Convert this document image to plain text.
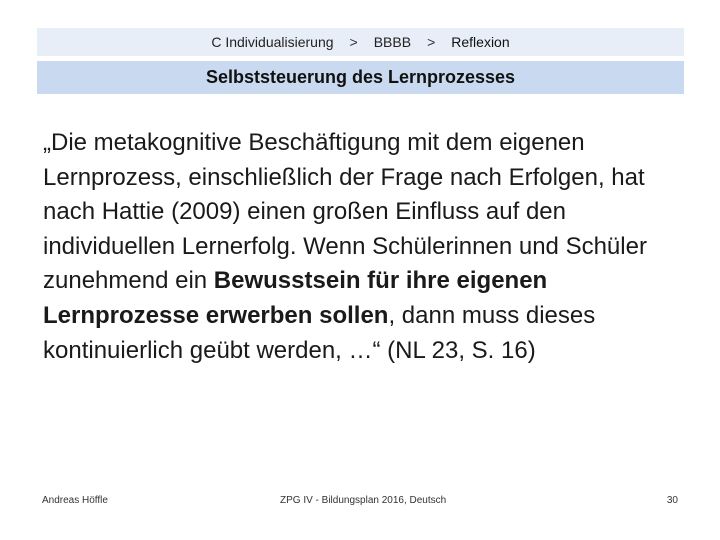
C Individualisierung > BBBB > Reflexion
Selbststeuerung des Lernprozesses
„Die metakognitive Beschäftigung mit dem eigenen Lernprozess, einschließlich der Frage nach Erfolgen, hat nach Hattie (2009) einen großen Einfluss auf den individuellen Lernerfolg. Wenn Schülerinnen und Schüler zunehmend ein Bewusstsein für ihre eigenen Lernprozesse erwerben sollen, dann muss dieses kontinuierlich geübt werden, …“ (NL 23, S. 16)
Andreas Höffle	ZPG IV - Bildungsplan 2016, Deutsch	30
